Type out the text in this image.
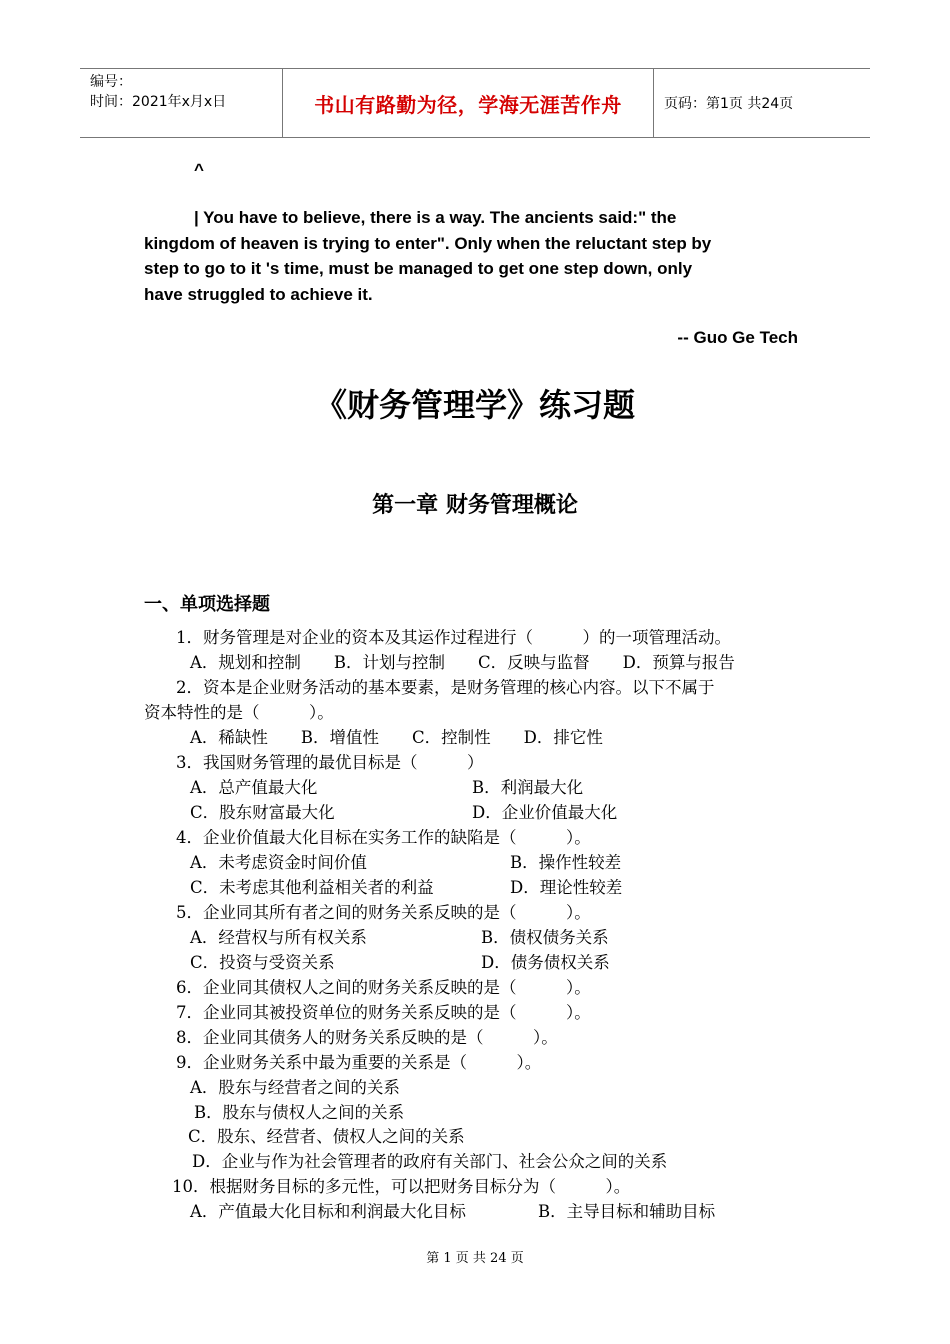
编号：
时间：2021年x月x日	书山有路勤为径，学海无涯苦作舟	页码：第1页 共24页
^
| You have to believe, there is a way. The ancients said:" the
kingdom of heaven is trying to enter". Only when the reluctant step by
step to go to it 's time, must be managed to get one step down, only
have struggled to achieve it.
-- Guo Ge Tech
《财务管理学》练习题
第一章 财务管理概论
一、单项选择题
1．财务管理是对企业的资本及其运作过程进行（　　　）的一项管理活动。
A．规划和控制　　B．计划与控制　　C．反映与监督　　D．预算与报告
2．资本是企业财务活动的基本要素，是财务管理的核心内容。以下不属于
资本特性的是（　　　）。
A．稀缺性　　B．增值性　　C．控制性　　D．排它性
3．我国财务管理的最优目标是（　　　）
A．总产值最大化	B．利润最大化
C．股东财富最大化	D．企业价值最大化
4．企业价值最大化目标在实务工作的缺陷是（　　　）。
A．未考虑资金时间价值	B．操作性较差
C．未考虑其他利益相关者的利益	D．理论性较差
5．企业同其所有者之间的财务关系反映的是（　　　）。
A．经营权与所有权关系	B．债权债务关系
C．投资与受资关系	D．债务债权关系
6．企业同其债权人之间的财务关系反映的是（　　　）。
7．企业同其被投资单位的财务关系反映的是（　　　）。
8．企业同其债务人的财务关系反映的是（　　　）。
9．企业财务关系中最为重要的关系是（　　　）。
A．股东与经营者之间的关系
B．股东与债权人之间的关系
C．股东、经营者、债权人之间的关系
D．企业与作为社会管理者的政府有关部门、社会公众之间的关系
10．根据财务目标的多元性，可以把财务目标分为（　　　）。
A．产值最大化目标和利润最大化目标	B．主导目标和辅助目标
第 1 页 共 24 页
